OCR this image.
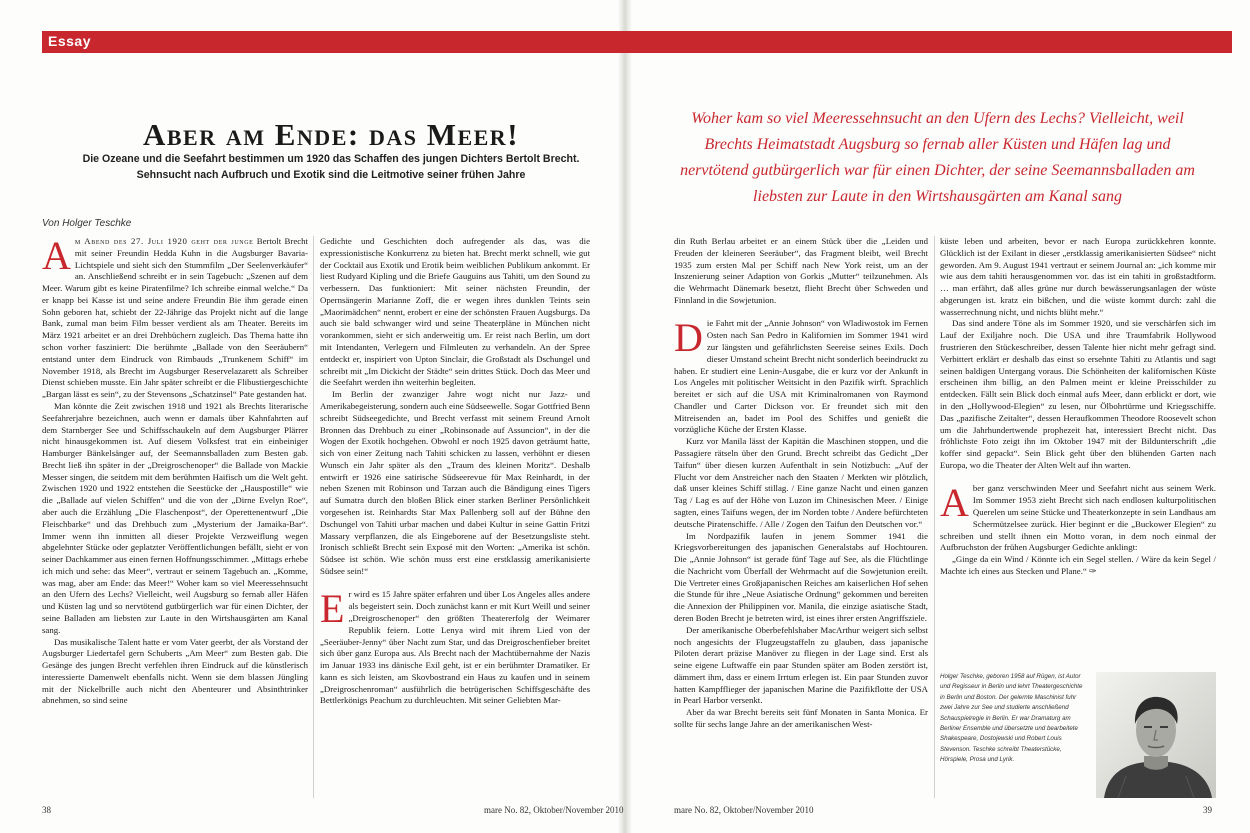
Essay
Aber am Ende: das Meer!

Die Ozeane und die Seefahrt bestimmen um 1920 das Schaffen des jungen Dichters Bertolt Brecht.
Sehnsucht nach Aufbruch und Exotik sind die Leitmotive seiner frühen Jahre

Von Holger Teschke

Woher kam so viel Meeressehnsucht an den Ufern des Lechs? Vielleicht, weil Brechts Heimatstadt Augsburg so fernab aller Küsten und Häfen lag und nervtötend gutbürgerlich war für einen Dichter, der seine Seemannsballaden am liebsten zur Laute in den Wirtshausgärten am Kanal sang

Am Abend des 27. Juli 1920 geht der junge Bertolt Brecht mit seiner Freundin Hedda Kuhn in die Augsburger Bavaria-Lichtspiele und sieht sich den Stummfilm „Der Seelenverkäufer“ an. Anschließend schreibt er in sein Tagebuch: „Szenen auf dem Meer. Warum gibt es keine Piratenfilme? Ich schreibe einmal welche.“ Da er knapp bei Kasse ist und seine andere Freundin Bie ihm gerade einen Sohn geboren hat, schiebt der 22-Jährige das Projekt nicht auf die lange Bank, zumal man beim Film besser verdient als am Theater. Bereits im März 1921 arbeitet er an drei Drehbüchern zugleich. Das Thema hatte ihn schon vorher fasziniert: Die berühmte „Ballade von den Seeräubern“ entstand unter dem Eindruck von Rimbauds „Trunkenem Schiff“ im November 1918, als Brecht im Augsburger Reservelazarett als Schreiber Dienst schieben musste. Ein Jahr später schreibt er die Flibustiergeschichte „Bargan lässt es sein“, zu der Stevensons „Schatzinsel“ Pate gestanden hat.

Man könnte die Zeit zwischen 1918 und 1921 als Brechts literarische Seefahrerjahre bezeichnen, auch wenn er damals über Kahnfahrten auf dem Starnberger See und Schiffsschaukeln auf dem Augsburger Plärrer nicht hinausgekommen ist. Auf diesem Volksfest trat ein einbeiniger Hamburger Bänkelsänger auf, der Seemannsballaden zum Besten gab. Brecht ließ ihn später in der „Dreigroschenoper“ die Ballade von Mackie Messer singen, die seitdem mit dem berühmten Haifisch um die Welt geht. Zwischen 1920 und 1922 entstehen die Seestücke der „Hauspostille“ wie die „Ballade auf vielen Schiffen“ und die von der „Dirne Evelyn Roe“, aber auch die Erzählung „Die Flaschenpost“, der Operettenentwurf „Die Fleischbarke“ und das Drehbuch zum „Mysterium der Jamaika-Bar“. Immer wenn ihn inmitten all dieser Projekte Verzweiflung wegen abgelehnter Stücke oder geplatzter Veröffentlichungen befällt, sieht er von seiner Dachkammer aus einen fernen Hoffnungsschimmer. „Mittags erhebe ich mich und sehe: das Meer“, vertraut er seinem Tagebuch an. „Komme, was mag, aber am Ende: das Meer!“ Woher kam so viel Meeressehnsucht an den Ufern des Lechs? Vielleicht, weil Augsburg so fernab aller Häfen und Küsten lag und so nervtötend gutbürgerlich war für einen Dichter, der seine Balladen am liebsten zur Laute in den Wirtshausgärten am Kanal sang.

Das musikalische Talent hatte er vom Vater geerbt, der als Vorstand der Augsburger Liedertafel gern Schuberts „Am Meer“ zum Besten gab. Die Gesänge des jungen Brecht verfehlen ihren Eindruck auf die künstlerisch interessierte Damenwelt ebenfalls nicht. Wenn sie dem blassen Jüngling mit der Nickelbrille auch nicht den Abenteurer und Absinthtrinker abnehmen, so sind seine

Gedichte und Geschichten doch aufregender als das, was die expressionistische Konkurrenz zu bieten hat. Brecht merkt schnell, wie gut der Cocktail aus Exotik und Erotik beim weiblichen Publikum ankommt. Er liest Rudyard Kipling und die Briefe Gauguins aus Tahiti, um den Sound zu verbessern. Das funktioniert: Mit seiner nächsten Freundin, der Opernsängerin Marianne Zoff, die er wegen ihres dunklen Teints sein „Maorimädchen“ nennt, erobert er eine der schönsten Frauen Augsburgs. Da auch sie bald schwanger wird und seine Theaterpläne in München nicht vorankommen, sieht er sich anderweitig um. Er reist nach Berlin, um dort mit Intendanten, Verlegern und Filmleuten zu verhandeln. An der Spree entdeckt er, inspiriert von Upton Sinclair, die Großstadt als Dschungel und schreibt mit „Im Dickicht der Städte“ sein drittes Stück. Doch das Meer und die Seefahrt werden ihn weiterhin begleiten.

Im Berlin der zwanziger Jahre wogt nicht nur Jazz- und Amerikabegeisterung, sondern auch eine Südseewelle. Sogar Gottfried Benn schreibt Südseegedichte, und Brecht verfasst mit seinem Freund Arnolt Bronnen das Drehbuch zu einer „Robinsonade auf Assuncion“, in der die Wogen der Exotik hochgehen. Obwohl er noch 1925 davon geträumt hatte, sich von einer Zeitung nach Tahiti schicken zu lassen, verhöhnt er diesen Wunsch ein Jahr später als den „Traum des kleinen Moritz“. Deshalb entwirft er 1926 eine satirische Südseerevue für Max Reinhardt, in der neben Szenen mit Robinson und Tarzan auch die Bändigung eines Tigers auf Sumatra durch den bloßen Blick einer starken Berliner Persönlichkeit vorgesehen ist. Reinhardts Star Max Pallenberg soll auf der Bühne den Dschungel von Tahiti urbar machen und dabei Kultur in seine Gattin Fritzi Massary verpflanzen, die als Eingeborene auf der Besetzungsliste steht. Ironisch schließt Brecht sein Exposé mit den Worten: „Amerika ist schön. Südsee ist schön. Wie schön muss erst eine erstklassig amerikanisierte Südsee sein!“

Er wird es 15 Jahre später erfahren und über Los Angeles alles andere als begeistert sein. Doch zunächst kann er mit Kurt Weill und seiner „Dreigroschenoper“ den größten Theatererfolg der Weimarer Republik feiern. Lotte Lenya wird mit ihrem Lied von der „Seeräuber-Jenny“ über Nacht zum Star, und das Dreigroschenfieber breitet sich über ganz Europa aus. Als Brecht nach der Machtübernahme der Nazis im Januar 1933 ins dänische Exil geht, ist er ein berühmter Dramatiker. Er kann es sich leisten, am Skovbostrand ein Haus zu kaufen und in seinem „Dreigroschenroman“ ausführlich die betrügerischen Schiffsgeschäfte des Bettlerkönigs Peachum zu durchleuchten. Mit seiner Geliebten Mar-

din Ruth Berlau arbeitet er an einem Stück über die „Leiden und Freuden der kleineren Seeräuber“, das Fragment bleibt, weil Brecht 1935 zum ersten Mal per Schiff nach New York reist, um an der Inszenierung seiner Adaption von Gorkis „Mutter“ teilzunehmen. Als die Wehrmacht Dänemark besetzt, flieht Brecht über Schweden und Finnland in die Sowjetunion.

Die Fahrt mit der „Annie Johnson“ von Wladiwostok im Fernen Osten nach San Pedro in Kalifornien im Sommer 1941 wird zur längsten und gefährlichsten Seereise seines Exils. Doch dieser Umstand scheint Brecht nicht sonderlich beeindruckt zu haben. Er studiert eine Lenin-Ausgabe, die er kurz vor der Ankunft in Los Angeles mit politischer Weitsicht in den Pazifik wirft. Sprachlich bereitet er sich auf die USA mit Kriminalromanen von Raymond Chandler und Carter Dickson vor. Er freundet sich mit den Mitreisenden an, badet im Pool des Schiffes und genießt die vorzügliche Küche der Ersten Klasse.

Kurz vor Manila lässt der Kapitän die Maschinen stoppen, und die Passagiere rätseln über den Grund. Brecht schreibt das Gedicht „Der Taifun“ über diesen kurzen Aufenthalt in sein Notizbuch: „Auf der Flucht vor dem Anstreicher nach den Staaten / Merkten wir plötzlich, daß unser kleines Schiff stillag. / Eine ganze Nacht und einen ganzen Tag / Lag es auf der Höhe von Luzon im Chinesischen Meer. / Einige sagten, eines Taifuns wegen, der im Norden tobte / Andere befürchteten deutsche Piratenschiffe. / Alle / Zogen den Taifun den Deutschen vor.“

Im Nordpazifik laufen in jenem Sommer 1941 die Kriegsvorbereitungen des japanischen Generalstabs auf Hochtouren. Die „Annie Johnson“ ist gerade fünf Tage auf See, als die Flüchtlinge die Nachricht vom Überfall der Wehrmacht auf die Sowjetunion ereilt. Die Vertreter eines Großjapanischen Reiches am kaiserlichen Hof sehen die Stunde für ihre „Neue Asiatische Ordnung“ gekommen und bereiten die Annexion der Philippinen vor. Manila, die einzige asiatische Stadt, deren Boden Brecht je betreten wird, ist eines ihrer ersten Angriffsziele.

Der amerikanische Oberbefehlshaber MacArthur weigert sich selbst noch angesichts der Flugzeugstaffeln zu glauben, dass japanische Piloten derart präzise Manöver zu fliegen in der Lage sind. Erst als seine eigene Luftwaffe ein paar Stunden später am Boden zerstört ist, dämmert ihm, dass er einem Irrtum erlegen ist. Ein paar Stunden zuvor hatten Kampfflieger der japanischen Marine die Pazifikflotte der USA in Pearl Harbor versenkt.

Aber da war Brecht bereits seit fünf Monaten in Santa Monica. Er sollte für sechs lange Jahre an der amerikanischen West-

küste leben und arbeiten, bevor er nach Europa zurückkehren konnte. Glücklich ist der Exilant in dieser „erstklassig amerikanisierten Südsee“ nicht geworden. Am 9. August 1941 vertraut er seinem Journal an: „ich komme mir wie aus dem tahiti herausgenommen vor. das ist ein tahiti in großstadtform. … man erfährt, daß alles grüne nur durch bewässerungsanlagen der wüste abgerungen ist. kratz ein bißchen, und die wüste kommt durch: zahl die wasserrechnung nicht, und nichts blüht mehr.“

Das sind andere Töne als im Sommer 1920, und sie verschärfen sich im Lauf der Exiljahre noch. Die USA und ihre Traumfabrik Hollywood frustrieren den Stückeschreiber, dessen Talente hier nicht mehr gefragt sind. Verbittert erklärt er deshalb das einst so ersehnte Tahiti zu Atlantis und sagt seinen baldigen Untergang voraus. Die Schönheiten der kalifornischen Küste erscheinen ihm billig, an den Palmen meint er kleine Preisschilder zu entdecken. Fällt sein Blick doch einmal aufs Meer, dann erblickt er dort, wie in den „Hollywood-Elegien“ zu lesen, nur Ölbohrtürme und Kriegsschiffe. Das „pazifische Zeitalter“, dessen Heraufkommen Theodore Roosevelt schon um die Jahrhundertwende prophezeit hat, interessiert Brecht nicht. Das fröhlichste Foto zeigt ihn im Oktober 1947 mit der Bildunterschrift „die koffer sind gepackt“. Sein Blick geht über den blühenden Garten nach Europa, wo die Theater der Alten Welt auf ihn warten.

Aber ganz verschwinden Meer und Seefahrt nicht aus seinem Werk. Im Sommer 1953 zieht Brecht sich nach endlosen kulturpolitischen Querelen um seine Stücke und Theaterkonzepte in sein Landhaus am Schermützelsee zurück. Hier beginnt er die „Buckower Elegien“ zu schreiben und stellt ihnen ein Motto voran, in dem noch einmal der Aufbruchston der frühen Augsburger Gedichte anklingt:

„Ginge da ein Wind / Könnte ich ein Segel stellen. / Wäre da kein Segel / Machte ich eines aus Stecken und Plane.“ ✑

Holger Teschke, geboren 1958 auf Rügen, ist Autor und Regisseur in Berlin und lehrt Theatergeschichte in Berlin und Boston. Der gelernte Maschinist fuhr zwei Jahre zur See und studierte anschließend Schauspielregie in Berlin. Er war Dramaturg am Berliner Ensemble und übersetzte und bearbeitete Shakespeare, Dostojewski und Robert Louis Stevenson. Teschke schreibt Theaterstücke, Hörspiele, Prosa und Lyrik.

38	mare No. 82, Oktober/November 2010	mare No. 82, Oktober/November 2010	39
